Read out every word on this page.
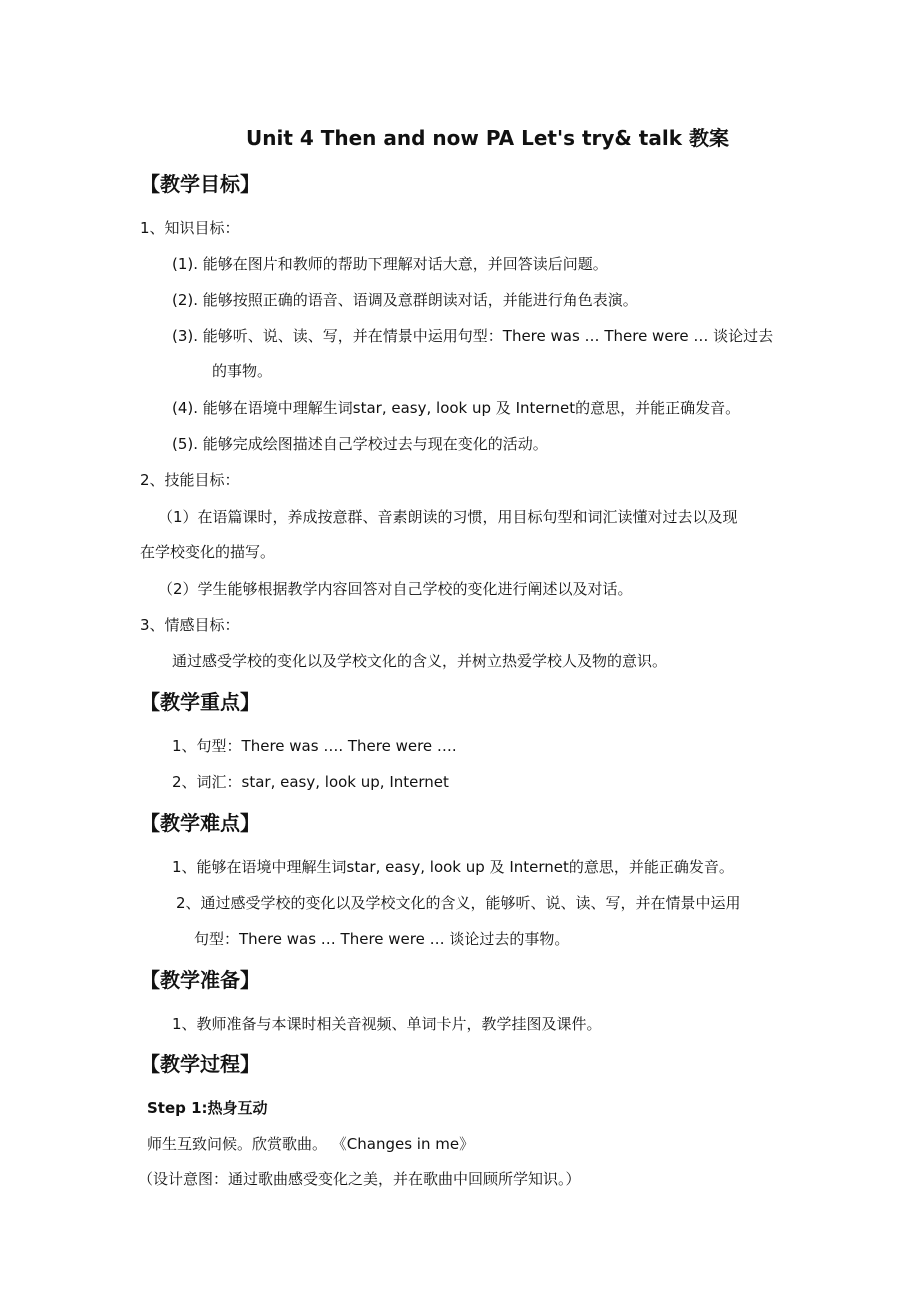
Unit 4 Then and now PA Let's try& talk 教案
【教学目标】
1、知识目标：
(1). 能够在图片和教师的帮助下理解对话大意，并回答读后问题。
(2). 能够按照正确的语音、语调及意群朗读对话，并能进行角色表演。
(3). 能够听、说、读、写，并在情景中运用句型：There was … There were … 谈论过去
的事物。
(4). 能够在语境中理解生词star, easy, look up 及 Internet的意思，并能正确发音。
(5). 能够完成绘图描述自己学校过去与现在变化的活动。
2、技能目标：
（1）在语篇课时，养成按意群、音素朗读的习惯，用目标句型和词汇读懂对过去以及现
在学校变化的描写。
（2）学生能够根据教学内容回答对自己学校的变化进行阐述以及对话。
3、情感目标：
通过感受学校的变化以及学校文化的含义，并树立热爱学校人及物的意识。
【教学重点】
1、句型：There was …. There were ….
2、词汇：star, easy, look up, Internet
【教学难点】
1、能够在语境中理解生词star, easy, look up 及 Internet的意思，并能正确发音。
2、通过感受学校的变化以及学校文化的含义，能够听、说、读、写，并在情景中运用
句型：There was … There were … 谈论过去的事物。
【教学准备】
1、教师准备与本课时相关音视频、单词卡片，教学挂图及课件。
【教学过程】
Step 1:热身互动
师生互致问候。欣赏歌曲。 《Changes in me》
（设计意图：通过歌曲感受变化之美，并在歌曲中回顾所学知识。）
